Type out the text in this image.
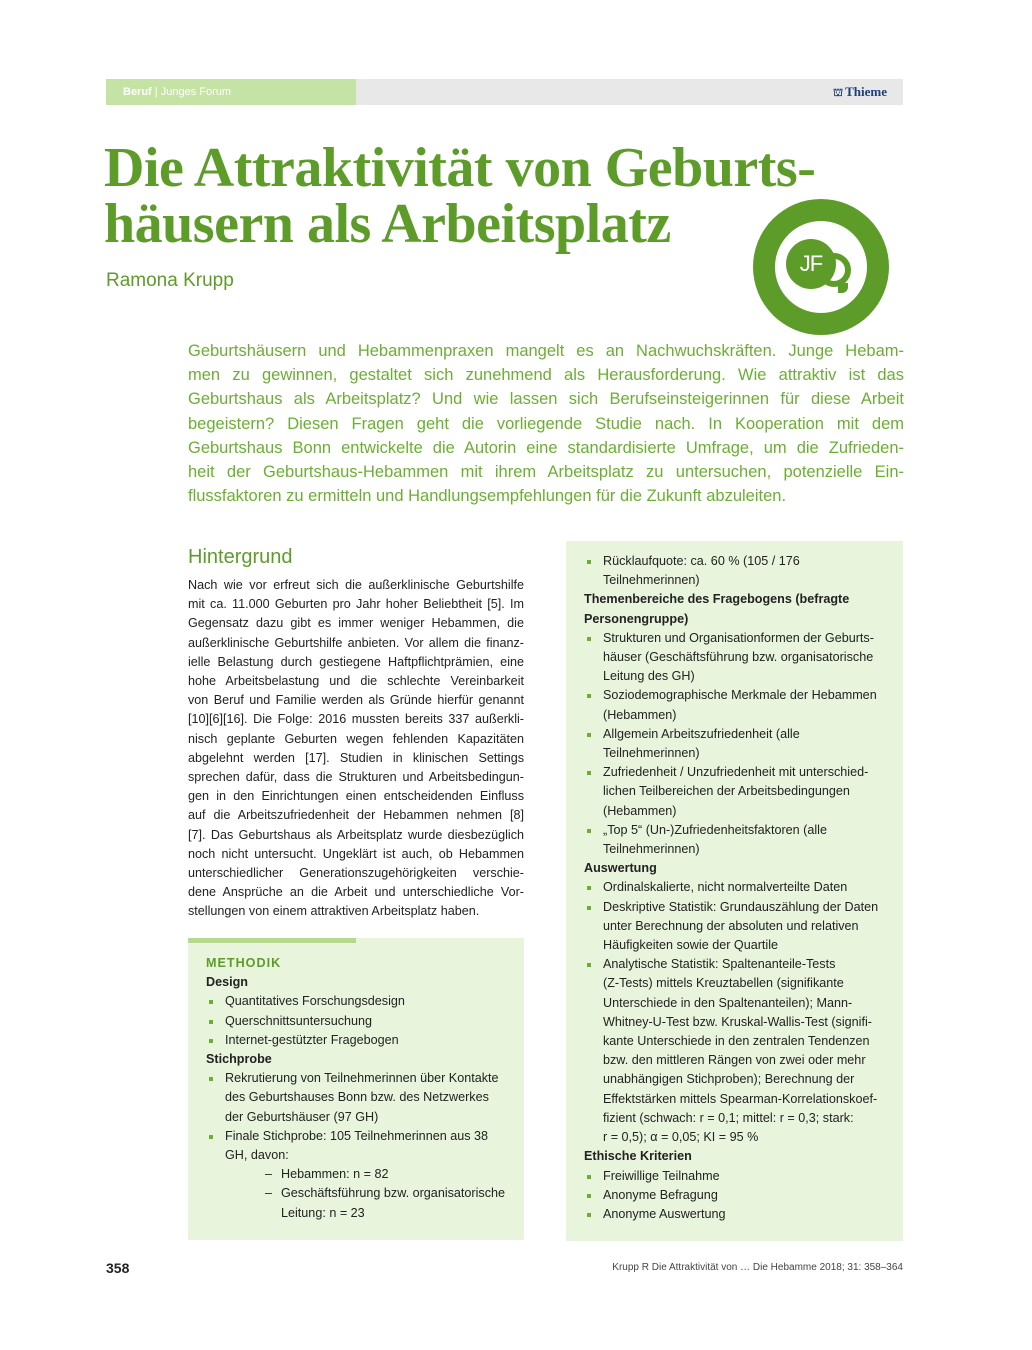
Beruf | Junges Forum	⛫ Thieme
Die Attraktivität von Geburts-
häusern als Arbeitsplatz
Ramona Krupp
JF

Geburtshäusern und Hebammenpraxen mangelt es an Nachwuchskräften. Junge Hebam-
men zu gewinnen, gestaltet sich zunehmend als Herausforderung. Wie attraktiv ist das
Geburtshaus als Arbeitsplatz? Und wie lassen sich Berufseinsteigerinnen für diese Arbeit
begeistern? Diesen Fragen geht die vorliegende Studie nach. In Kooperation mit dem
Geburtshaus Bonn entwickelte die Autorin eine standardisierte Umfrage, um die Zufrieden-
heit der Geburtshaus-Hebammen mit ihrem Arbeitsplatz zu untersuchen, potenzielle Ein-
flussfaktoren zu ermitteln und Handlungsempfehlungen für die Zukunft abzuleiten.

Hintergrund

Nach wie vor erfreut sich die außerklinische Geburtshilfe
mit ca. 11.000 Geburten pro Jahr hoher Beliebtheit [5]. Im
Gegensatz dazu gibt es immer weniger Hebammen, die
außerklinische Geburtshilfe anbieten. Vor allem die finanz-
ielle Belastung durch gestiegene Haftpflichtprämien, eine
hohe Arbeitsbelastung und die schlechte Vereinbarkeit
von Beruf und Familie werden als Gründe hierfür genannt
[10][6][16]. Die Folge: 2016 mussten bereits 337 außerkli-
nisch geplante Geburten wegen fehlenden Kapazitäten
abgelehnt werden [17]. Studien in klinischen Settings
sprechen dafür, dass die Strukturen und Arbeitsbedingun-
gen in den Einrichtungen einen entscheidenden Einfluss
auf die Arbeitszufriedenheit der Hebammen nehmen [8]
[7]. Das Geburtshaus als Arbeitsplatz wurde diesbezüglich
noch nicht untersucht. Ungeklärt ist auch, ob Hebammen
unterschiedlicher Generationszugehörigkeiten verschie-
dene Ansprüche an die Arbeit und unterschiedliche Vor-
stellungen von einem attraktiven Arbeitsplatz haben.

METHODIK
Design
Quantitatives Forschungsdesign
Querschnittsuntersuchung
Internet-gestützter Fragebogen
Stichprobe
Rekrutierung von Teilnehmerinnen über Kontakte
des Geburtshauses Bonn bzw. des Netzwerkes
der Geburtshäuser (97 GH)
Finale Stichprobe: 105 Teilnehmerinnen aus 38
GH, davon:
– Hebammen: n = 82
– Geschäftsführung bzw. organisatorische
Leitung: n = 23
Rücklaufquote: ca. 60 % (105 / 176
Teilnehmerinnen)
Themenbereiche des Fragebogens (befragte
Personengruppe)
Strukturen und Organisationformen der Geburts-
häuser (Geschäftsführung bzw. organisatorische
Leitung des GH)
Soziodemographische Merkmale der Hebammen
(Hebammen)
Allgemein Arbeitszufriedenheit (alle
Teilnehmerinnen)
Zufriedenheit / Unzufriedenheit mit unterschied-
lichen Teilbereichen der Arbeitsbedingungen
(Hebammen)
„Top 5“ (Un-)Zufriedenheitsfaktoren (alle
Teilnehmerinnen)
Auswertung
Ordinalskalierte, nicht normalverteilte Daten
Deskriptive Statistik: Grundauszählung der Daten
unter Berechnung der absoluten und relativen
Häufigkeiten sowie der Quartile
Analytische Statistik: Spaltenanteile-Tests
(Z-Tests) mittels Kreuztabellen (signifikante
Unterschiede in den Spaltenanteilen); Mann-
Whitney-U-Test bzw. Kruskal-Wallis-Test (signifi-
kante Unterschiede in den zentralen Tendenzen
bzw. den mittleren Rängen von zwei oder mehr
unabhängigen Stichproben); Berechnung der
Effektstärken mittels Spearman-Korrelationskoef-
fizient (schwach: r = 0,1; mittel: r = 0,3; stark:
r = 0,5); α = 0,05; KI = 95 %
Ethische Kriterien
Freiwillige Teilnahme
Anonyme Befragung
Anonyme Auswertung
358	Krupp R Die Attraktivität von … Die Hebamme 2018; 31: 358–364
